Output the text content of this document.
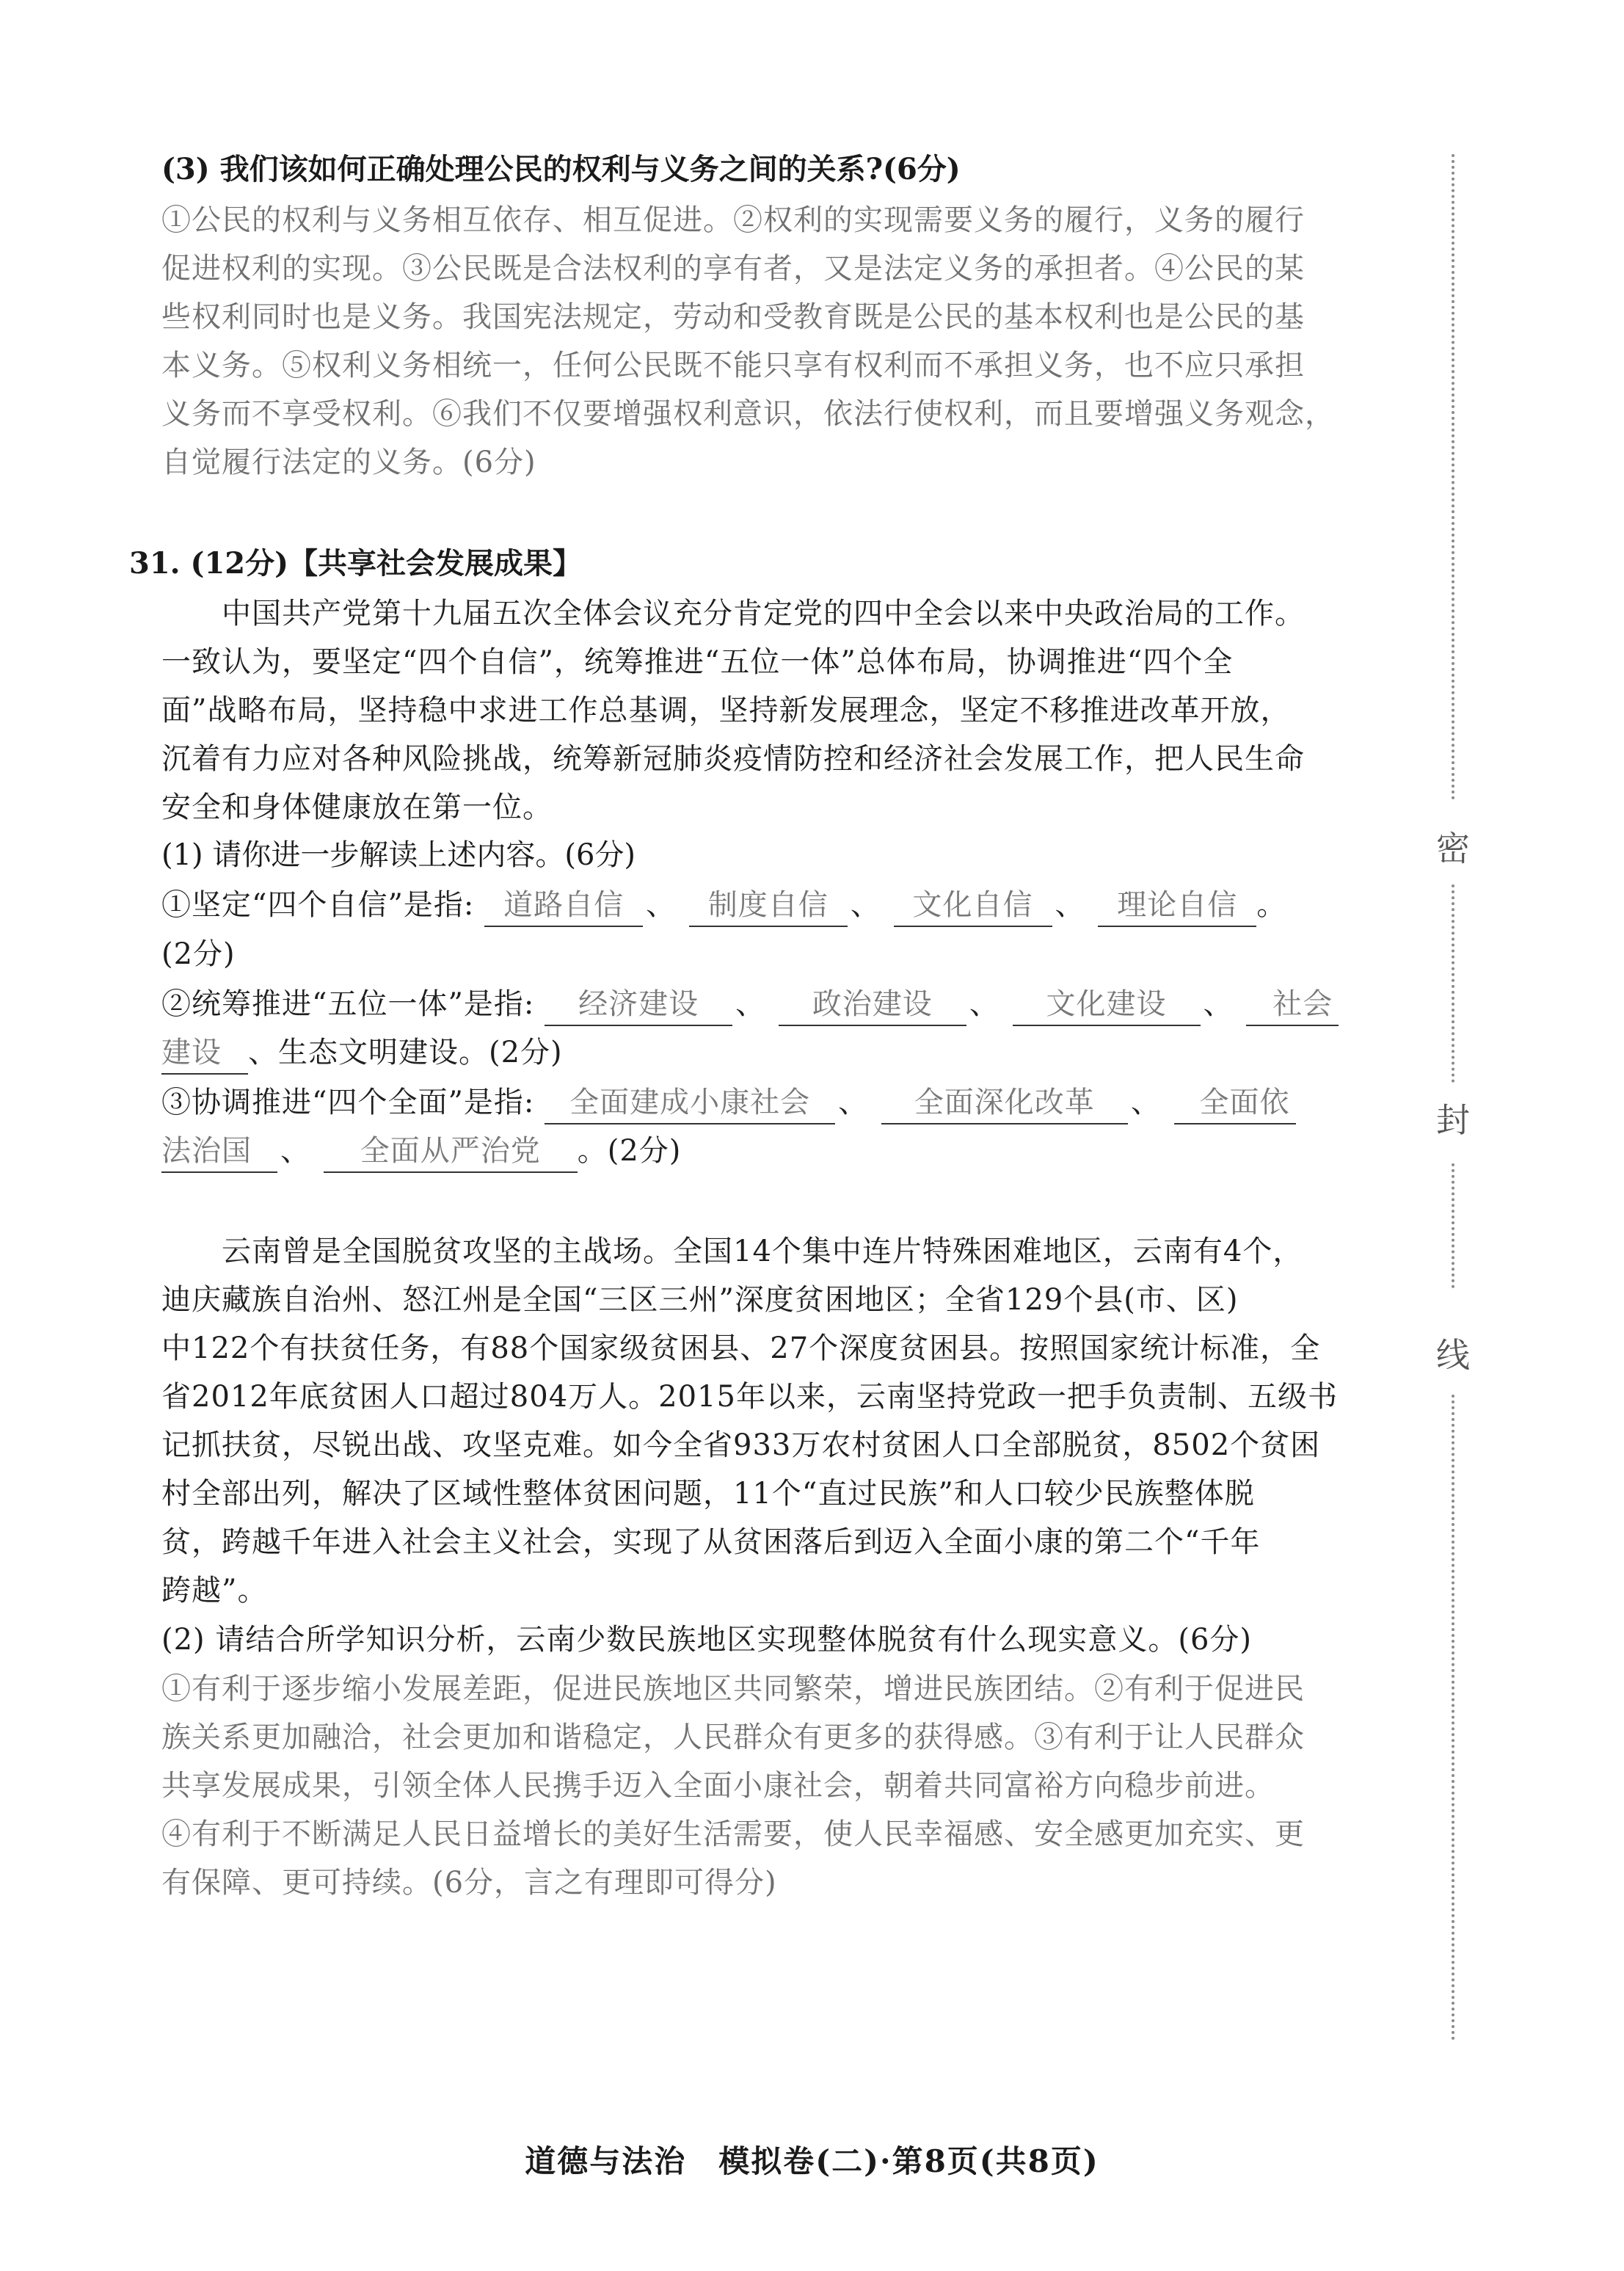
(3) 我们该如何正确处理公民的权利与义务之间的关系?(6分)
①公民的权利与义务相互依存、相互促进。②权利的实现需要义务的履行，义务的履行
促进权利的实现。③公民既是合法权利的享有者，又是法定义务的承担者。④公民的某
些权利同时也是义务。我国宪法规定，劳动和受教育既是公民的基本权利也是公民的基
本义务。⑤权利义务相统一，任何公民既不能只享有权利而不承担义务，也不应只承担
义务而不享受权利。⑥我们不仅要增强权利意识，依法行使权利，而且要增强义务观念，
自觉履行法定的义务。(6分)
31. (12分)【共享社会发展成果】
中国共产党第十九届五次全体会议充分肯定党的四中全会以来中央政治局的工作。
一致认为，要坚定“四个自信”，统筹推进“五位一体”总体布局，协调推进“四个全
面”战略布局，坚持稳中求进工作总基调，坚持新发展理念，坚定不移推进改革开放，
沉着有力应对各种风险挑战，统筹新冠肺炎疫情防控和经济社会发展工作，把人民生命
安全和身体健康放在第一位。
(1) 请你进一步解读上述内容。(6分)
①坚定“四个自信”是指: 道路自信 、 制度自信 、 文化自信 、 理论自信 。
(2分)
②统筹推进“五位一体”是指: 经济建设 、 政治建设 、 文化建设 、 社会
建设 、生态文明建设。(2分)
③协调推进“四个全面”是指: 全面建成小康社会 、 全面深化改革 、 全面依
法治国 、 全面从严治党 。(2分)
云南曾是全国脱贫攻坚的主战场。全国14个集中连片特殊困难地区，云南有4个，
迪庆藏族自治州、怒江州是全国“三区三州”深度贫困地区；全省129个县(市、区)
中122个有扶贫任务，有88个国家级贫困县、27个深度贫困县。按照国家统计标准，全
省2012年底贫困人口超过804万人。2015年以来，云南坚持党政一把手负责制、五级书
记抓扶贫，尽锐出战、攻坚克难。如今全省933万农村贫困人口全部脱贫，8502个贫困
村全部出列，解决了区域性整体贫困问题，11个“直过民族”和人口较少民族整体脱
贫，跨越千年进入社会主义社会，实现了从贫困落后到迈入全面小康的第二个“千年
跨越”。
(2) 请结合所学知识分析，云南少数民族地区实现整体脱贫有什么现实意义。(6分)
①有利于逐步缩小发展差距，促进民族地区共同繁荣，增进民族团结。②有利于促进民
族关系更加融洽，社会更加和谐稳定，人民群众有更多的获得感。③有利于让人民群众
共享发展成果，引领全体人民携手迈入全面小康社会，朝着共同富裕方向稳步前进。
④有利于不断满足人民日益增长的美好生活需要，使人民幸福感、安全感更加充实、更
有保障、更可持续。(6分，言之有理即可得分)
密
封
线
道德与法治　模拟卷(二)·第8页(共8页)
